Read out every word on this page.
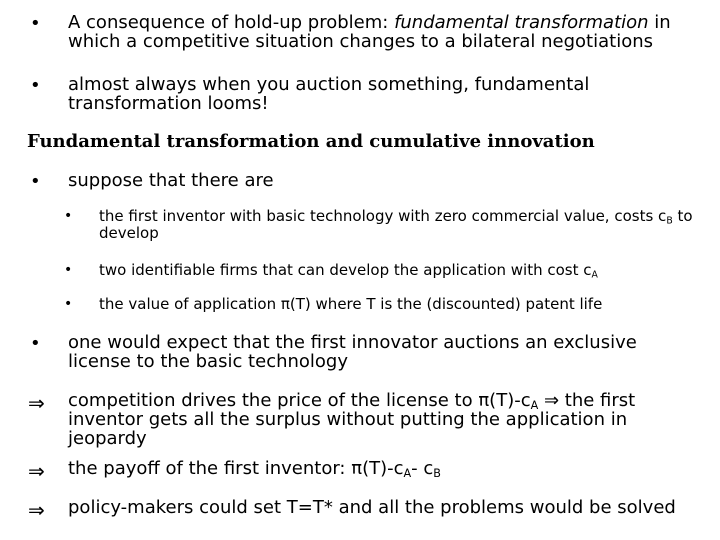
• A consequence of hold-up problem: fundamental transformation in which a competitive situation changes to a bilateral negotiations
• almost always when you auction something, fundamental transformation looms!
Fundamental transformation and cumulative innovation
• suppose that there are
• the first inventor with basic technology with zero commercial value, costs $c_B$ to develop
• two identifiable firms that can develop the application with cost $c_A$
• the value of application π(T) where T is the (discounted) patent life
• one would expect that the first innovator auctions an exclusive license to the basic technology
⇒ competition drives the price of the license to $\pi(T)-c_A$ ⇒ the first inventor gets all the surplus without putting the application in jeopardy
⇒ the payoff of the first inventor: $\pi(T)-c_A-$ $c_B$
⇒ policy-makers could set T=T* and all the problems would be solved
